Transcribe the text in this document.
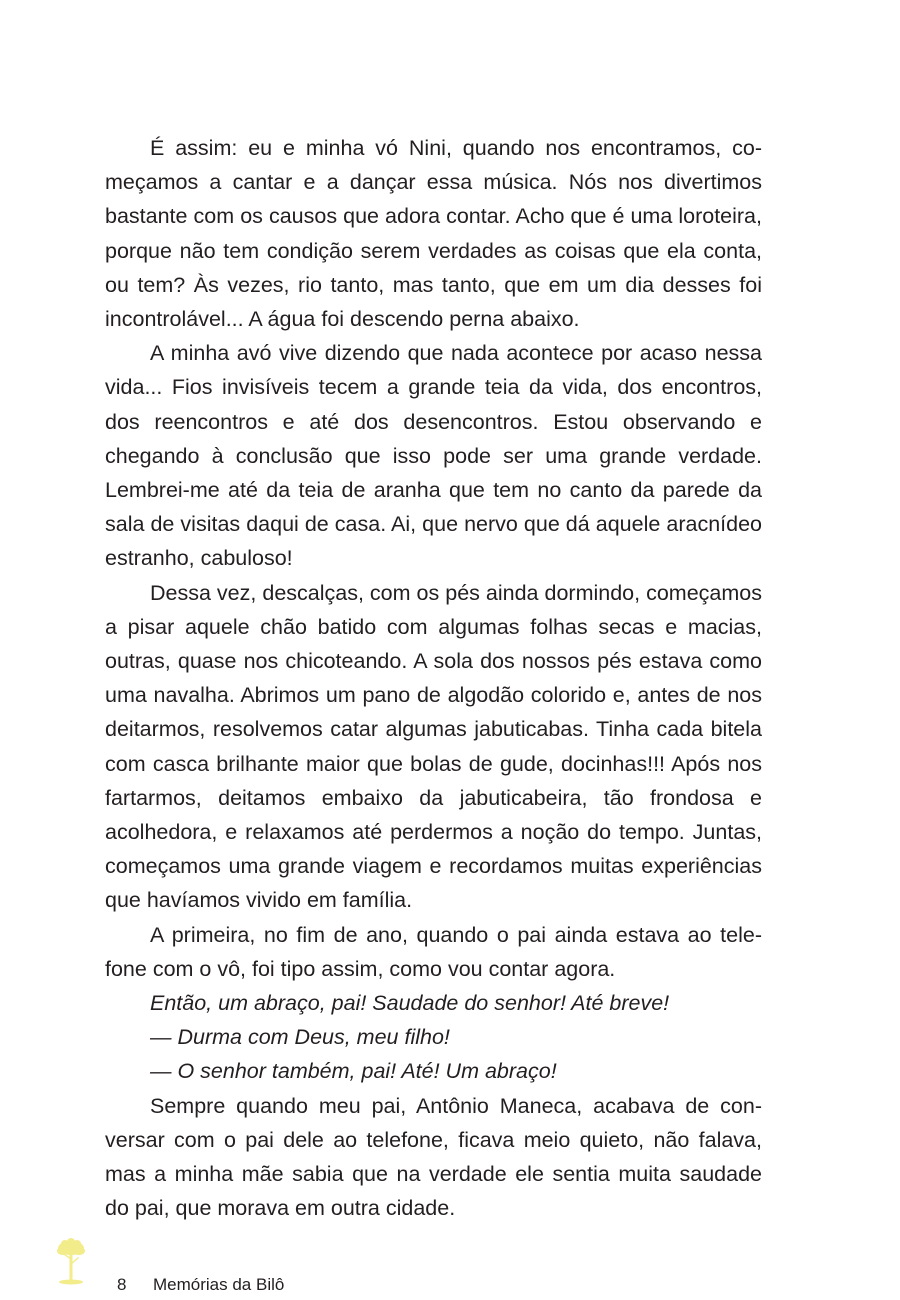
É assim: eu e minha vó Nini, quando nos encontramos, começamos a cantar e a dançar essa música. Nós nos divertimos bastante com os causos que adora contar. Acho que é uma loroteira, porque não tem condição serem verdades as coisas que ela conta, ou tem? Às vezes, rio tanto, mas tanto, que em um dia desses foi incontrolável... A água foi descendo perna abaixo.

A minha avó vive dizendo que nada acontece por acaso nessa vida... Fios invisíveis tecem a grande teia da vida, dos encontros, dos reencontros e até dos desencontros. Estou observando e chegando à conclusão que isso pode ser uma grande verdade. Lembrei-me até da teia de aranha que tem no canto da parede da sala de visitas daqui de casa. Ai, que nervo que dá aquele aracnídeo estranho, cabuloso!

Dessa vez, descalças, com os pés ainda dormindo, começamos a pisar aquele chão batido com algumas folhas secas e macias, outras, quase nos chicoteando. A sola dos nossos pés estava como uma navalha. Abrimos um pano de algodão colorido e, antes de nos deitarmos, resolvemos catar algumas jabuticabas. Tinha cada bitela com casca brilhante maior que bolas de gude, docinhas!!! Após nos fartarmos, deitamos embaixo da jabuticabeira, tão frondosa e acolhedora, e relaxamos até perdermos a noção do tempo. Juntas, começamos uma grande viagem e recordamos muitas experiências que havíamos vivido em família.

A primeira, no fim de ano, quando o pai ainda estava ao telefone com o vô, foi tipo assim, como vou contar agora.

Então, um abraço, pai! Saudade do senhor! Até breve!

— Durma com Deus, meu filho!

— O senhor também, pai! Até! Um abraço!

Sempre quando meu pai, Antônio Maneca, acabava de conversar com o pai dele ao telefone, ficava meio quieto, não falava, mas a minha mãe sabia que na verdade ele sentia muita saudade do pai, que morava em outra cidade.

8 Memórias da Bilô
